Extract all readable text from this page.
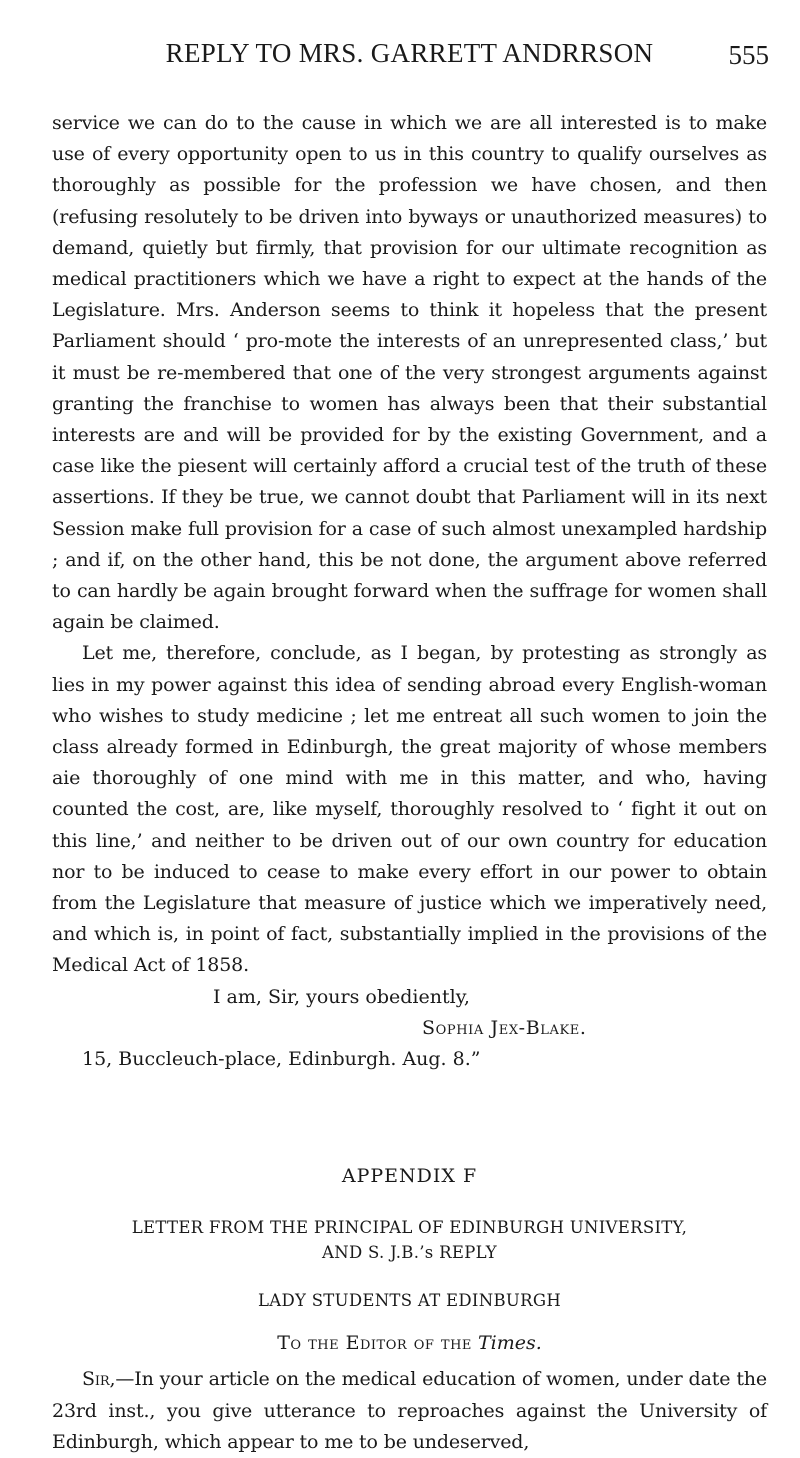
REPLY TO MRS. GARRETT ANDRRSON	555

service we can do to the cause in which we are all interested is to make use of every opportunity open to us in this country to qualify ourselves as thoroughly as possible for the profession we have chosen, and then (refusing resolutely to be driven into byways or unauthorized measures) to demand, quietly but firmly, that provision for our ultimate recognition as medical practitioners which we have a right to expect at the hands of the Legislature. Mrs. Anderson seems to think it hopeless that the present Parliament should ‘ pro-mote the interests of an unrepresented class,’ but it must be re-membered that one of the very strongest arguments against granting the franchise to women has always been that their substantial interests are and will be provided for by the existing Government, and a case like the piesent will certainly afford a crucial test of the truth of these assertions. If they be true, we cannot doubt that Parliament will in its next Session make full provision for a case of such almost unexampled hardship ; and if, on the other hand, this be not done, the argument above referred to can hardly be again brought forward when the suffrage for women shall again be claimed.

Let me, therefore, conclude, as I began, by protesting as strongly as lies in my power against this idea of sending abroad every English-woman who wishes to study medicine ; let me entreat all such women to join the class already formed in Edinburgh, the great majority of whose members aie thoroughly of one mind with me in this matter, and who, having counted the cost, are, like myself, thoroughly resolved to ‘ fight it out on this line,’ and neither to be driven out of our own country for education nor to be induced to cease to make every effort in our power to obtain from the Legislature that measure of justice which we imperatively need, and which is, in point of fact, substantially implied in the provisions of the Medical Act of 1858.

I am, Sir, yours obediently,
Sophia Jex-Blake.
15, Buccleuch-place, Edinburgh. Aug. 8.”
APPENDIX F
LETTER FROM THE PRINCIPAL OF EDINBURGH UNIVERSITY,
AND S. J.B.’s REPLY
LADY STUDENTS AT EDINBURGH
To the Editor of the Times.

Sir,—In your article on the medical education of women, under date the 23rd inst., you give utterance to reproaches against the University of Edinburgh, which appear to me to be undeserved,
